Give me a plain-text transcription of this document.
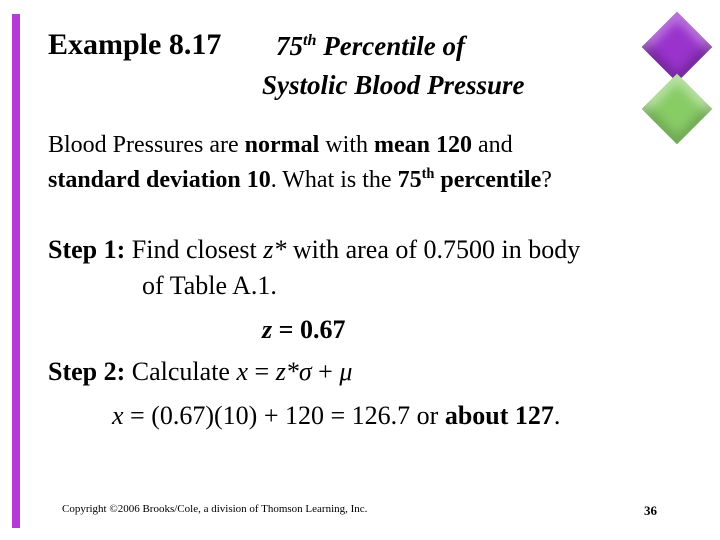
Example 8.17 75th Percentile of
Systolic Blood Pressure
Blood Pressures are normal with mean 120 and
standard deviation 10. What is the 75th percentile?
Step 1: Find closest z* with area of 0.7500 in body
of Table A.1.
z = 0.67
Step 2: Calculate x = z*σ + μ
x = (0.67)(10) + 120 = 126.7 or about 127.
Copyright ©2006 Brooks/Cole, a division of Thomson Learning, Inc.	36
